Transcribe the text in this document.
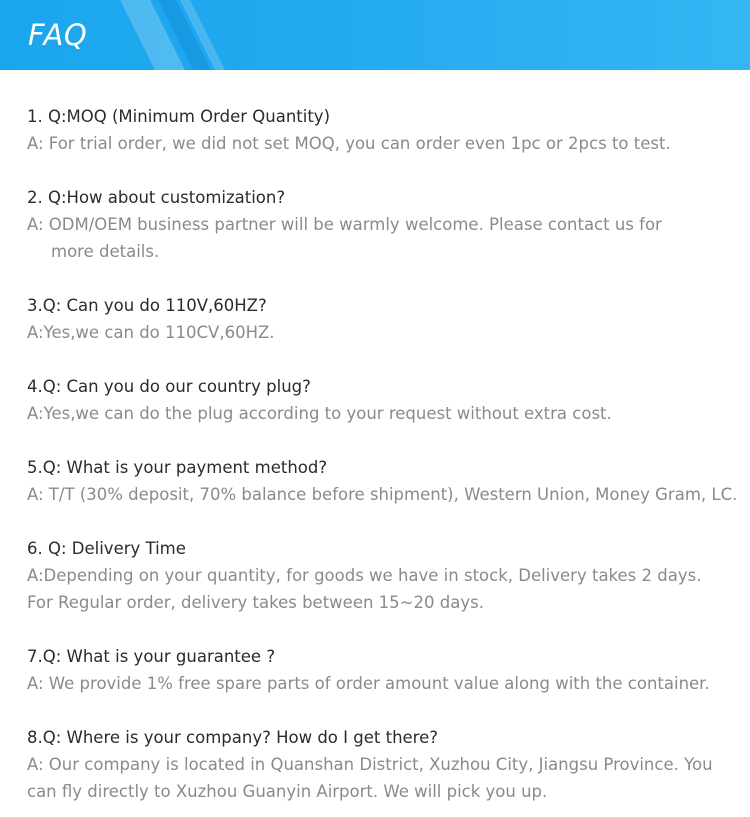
FAQ
1. Q:MOQ (Minimum Order Quantity)
A: For trial order, we did not set MOQ, you can order even 1pc or 2pcs to test.
2. Q:How about customization?
A: ODM/OEM business partner will be warmly welcome. Please contact us for
more details.
3.Q: Can you do 110V,60HZ?
A:Yes,we can do 110CV,60HZ.
4.Q: Can you do our country plug?
A:Yes,we can do the plug according to your request without extra cost.
5.Q: What is your payment method?
A: T/T (30% deposit, 70% balance before shipment), Western Union, Money Gram, LC.
6. Q: Delivery Time
A:Depending on your quantity, for goods we have in stock, Delivery takes 2 days.
For Regular order, delivery takes between 15~20 days.
7.Q: What is your guarantee ?
A: We provide 1% free spare parts of order amount value along with the container.
8.Q: Where is your company? How do I get there?
A: Our company is located in Quanshan District, Xuzhou City, Jiangsu Province. You
can fly directly to Xuzhou Guanyin Airport. We will pick you up.
